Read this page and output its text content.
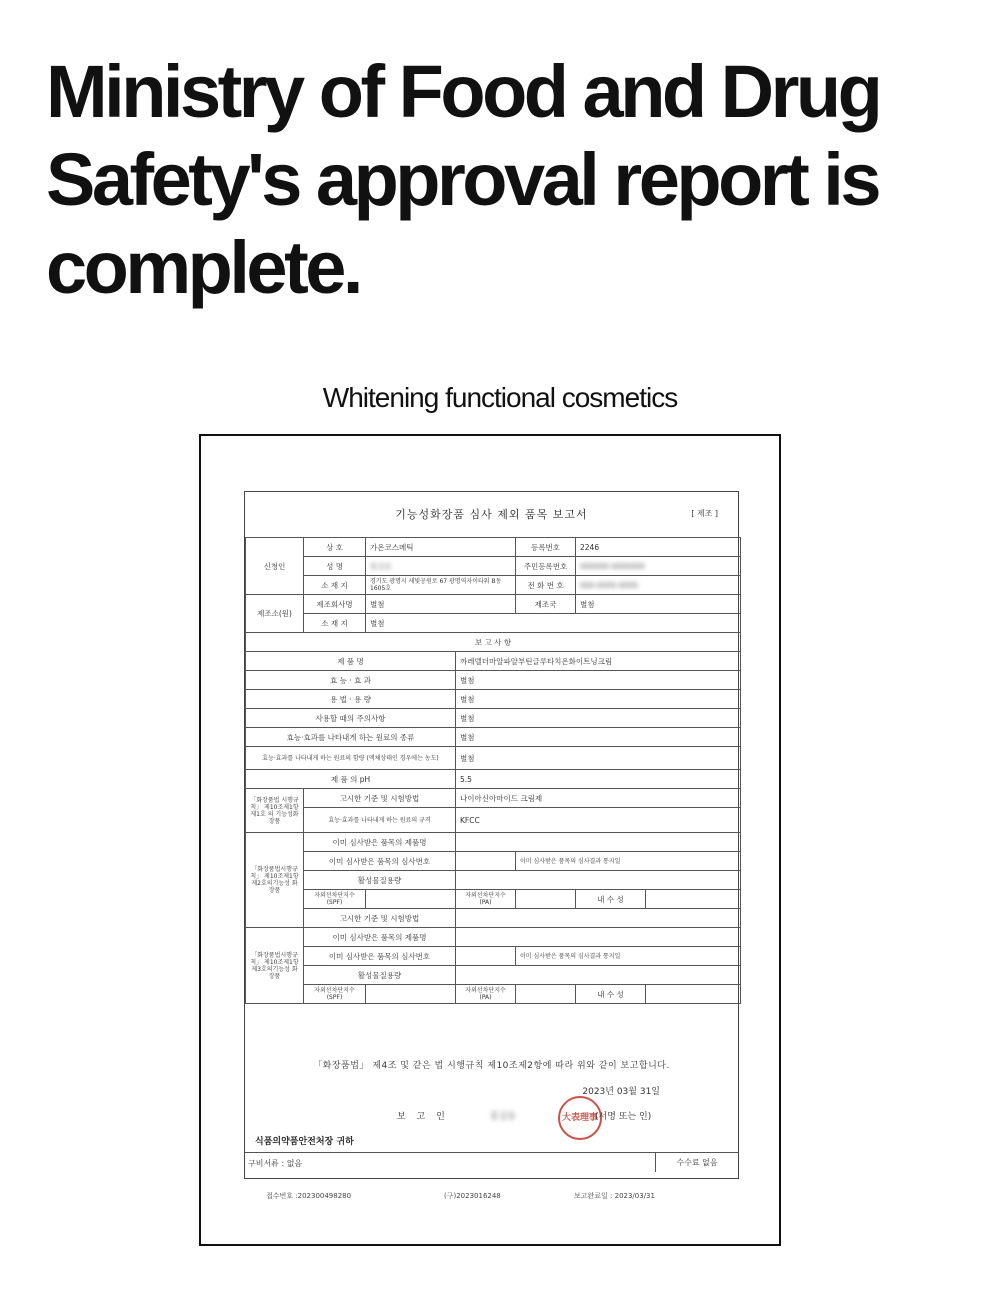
Ministry of Food and Drug Safety's approval report is complete.
Whitening functional cosmetics
기능성화장품 심사 제외 품목 보고서	[ 제조 ]
신청인	상 호	가온코스메틱		등록번호	2246	
	성 명	홍길동		주민등록번호	000000-0000000	
	소 재 지	경기도 광명시 새빛공원로 67 광명역자이타워 B동 1605호		전 화 번 호	000-0000-0000	
제조소(원)	제조회사명	별첨		제조국	별첨	
	소 재 지	별첨				
보 고 사 항						
제 품 명			까레델더마알파알부틴글루타치온화이트닝크림			
효 능 · 효 과			별첨			
용 법 · 용 량			별첨			
사용할 때의 주의사항			별첨			
효능·효과를 나타내게 하는 원료의 종류			별첨			
효능·효과를 나타내게 하는 원료의 함량 (액체상태인 경우에는 농도)			별첨			
제 품 의 pH			5.5			
「화장품법 시행규칙」 제10조제1항제1호 의 기능성화장품	고시한 기준 및 시험방법		나이아신아마이드 크림제			
	효능·효과를 나타내게 하는 원료의 규격		KFCC			
「화장품법시행규칙」 제10조제1항제2호의기능성 화장품	이미 심사받은 품목의 제품명					
	이미 심사받은 품목의 심사번호			이미 심사받은 품목의 심사결과 통지일		
	활성물질용량					
	자외선차단지수(SPF)		자외선차단지수(PA)		내 수 성	
	고시한 기준 및 시험방법					
「화장품법시행규칙」 제10조제1항제3호의기능성 화장품	이미 심사받은 품목의 제품명					
	이미 심사받은 품목의 심사번호			이미 심사받은 품목의 심사결과 통지일		
	활성물질용량					
	자외선차단지수(SPF)		자외선차단지수(PA)		내 수 성	
「화장품법」 제4조 및 같은 법 시행규칙 제10조제2항에 따라 위와 같이 보고합니다.
2023년 03월 31일
보 고 인	홍길동	大表理事
(서명 또는 인)
식품의약품안전처장 귀하
구비서류 : 없음	수수료 없음
접수번호 :202300498280	(구)2023016248	보고완료일 : 2023/03/31
